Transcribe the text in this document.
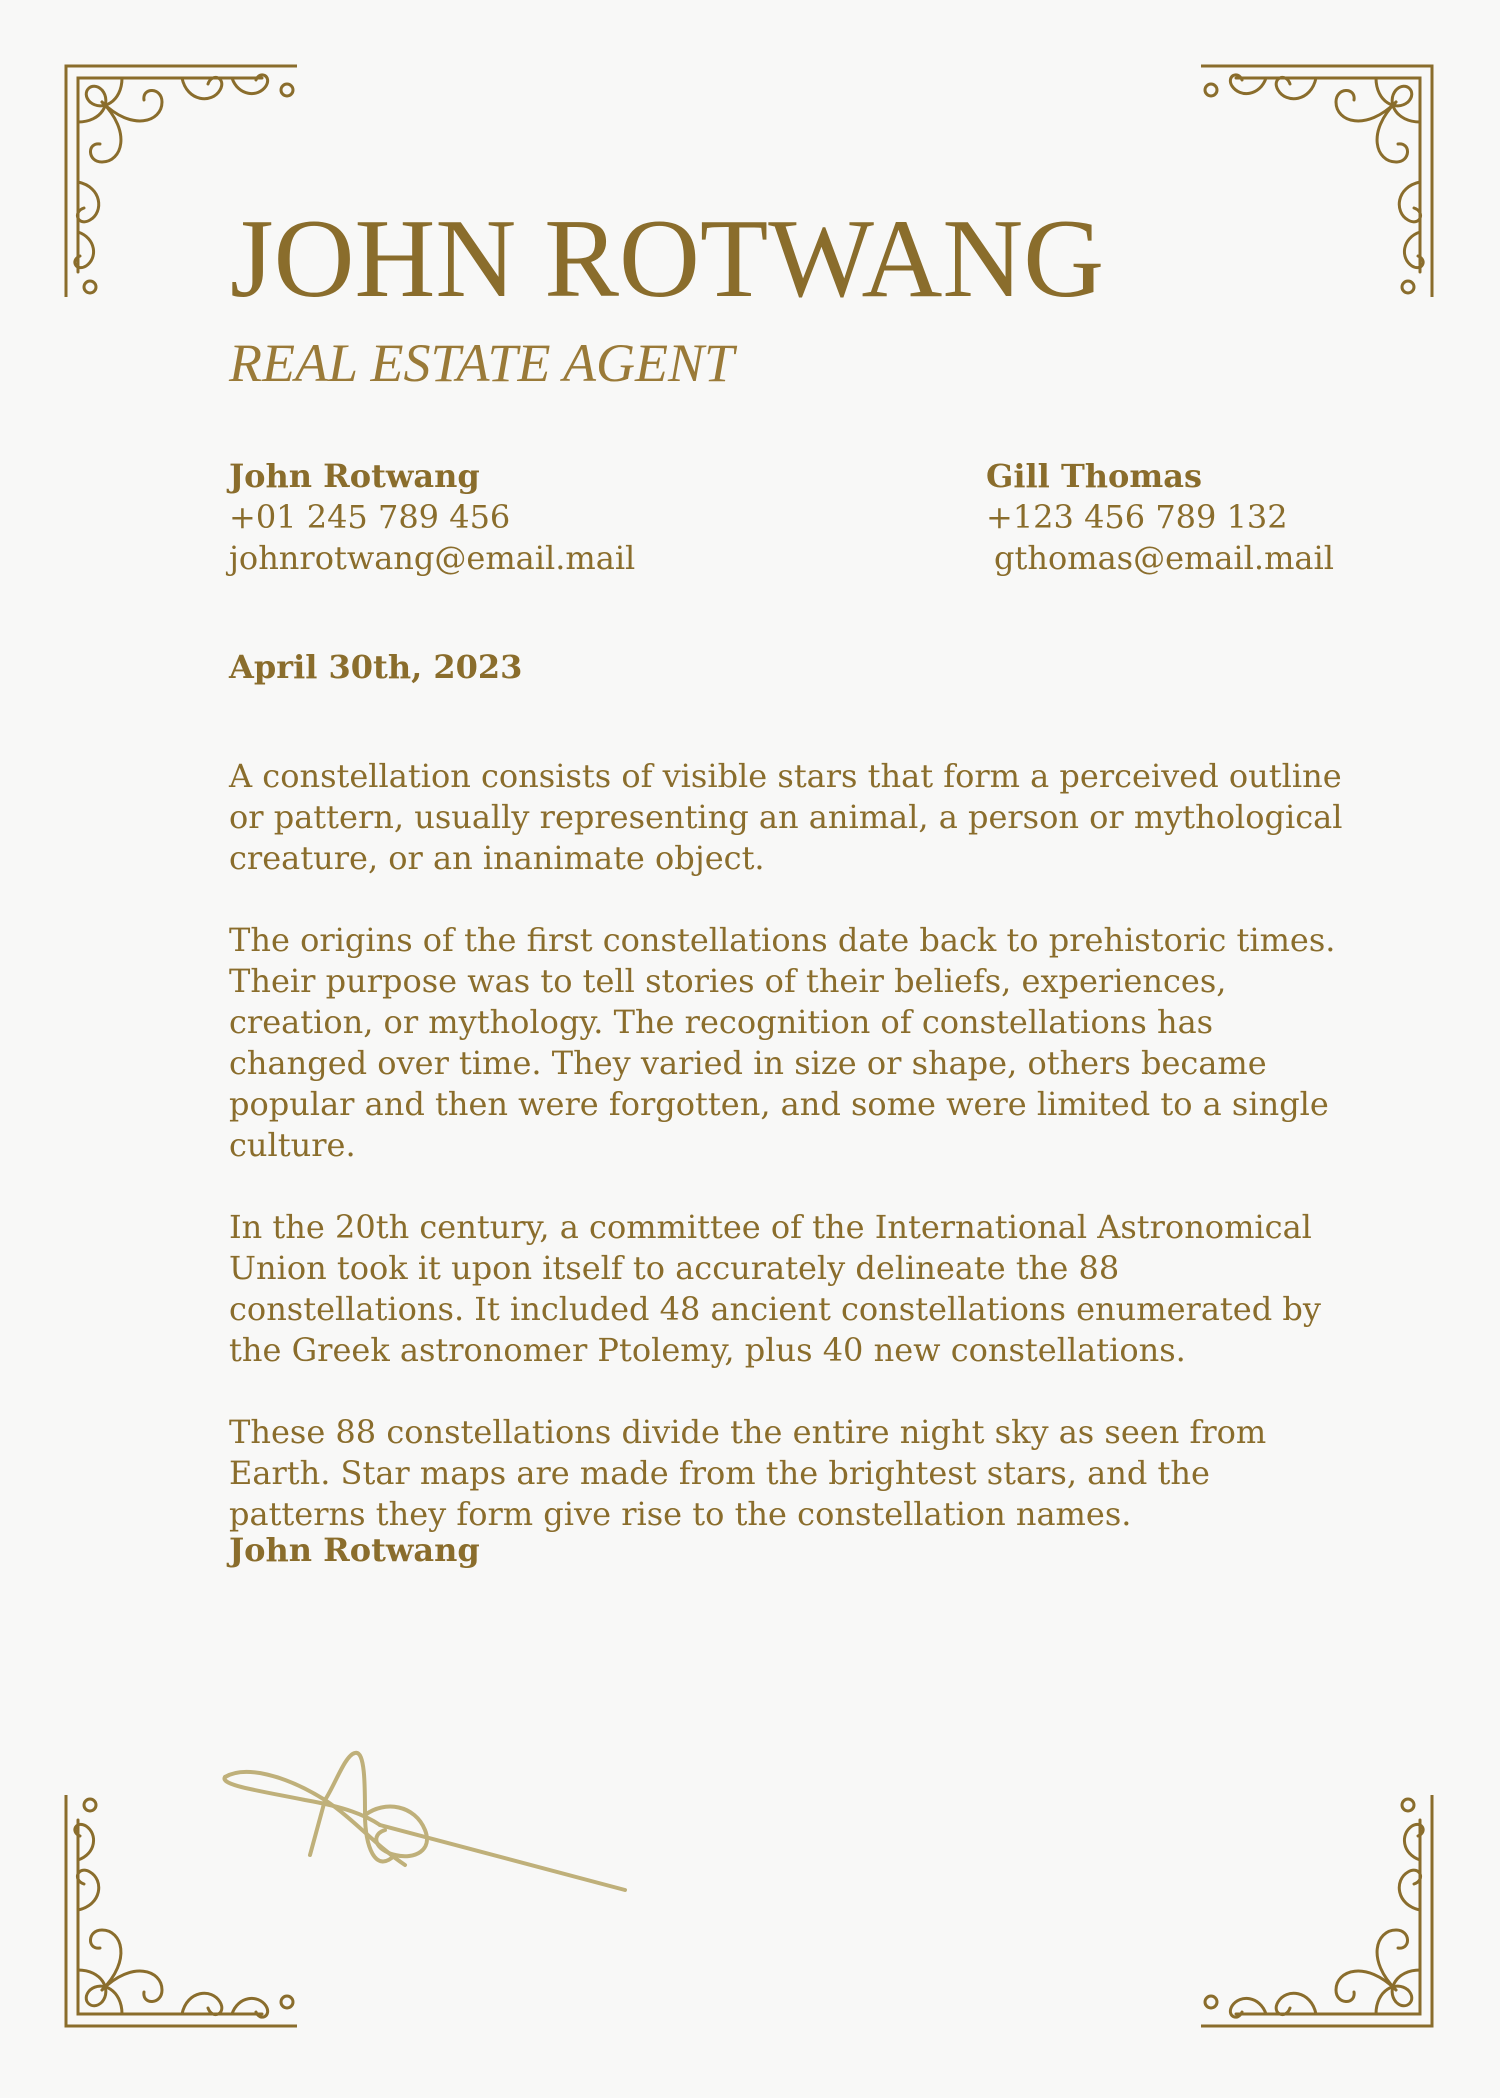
JOHN ROTWANG
REAL ESTATE AGENT
John Rotwang
+01 245 789 456
johnrotwang@email.mail
Gill Thomas
+123 456 789 132
gthomas@email.mail
April 30th, 2023

A constellation consists of visible stars that form a perceived outline or pattern, usually representing an animal, a person or mythological creature, or an inanimate object.

The origins of the first constellations date back to prehistoric times. Their purpose was to tell stories of their beliefs, experiences, creation, or mythology. The recognition of constellations has changed over time. They varied in size or shape, others became popular and then were forgotten, and some were limited to a single culture.

In the 20th century, a committee of the International Astronomical Union took it upon itself to accurately delineate the 88 constellations. It included 48 ancient constellations enumerated by the Greek astronomer Ptolemy, plus 40 new constellations.

These 88 constellations divide the entire night sky as seen from Earth. Star maps are made from the brightest stars, and the patterns they form give rise to the constellation names.

John Rotwang
